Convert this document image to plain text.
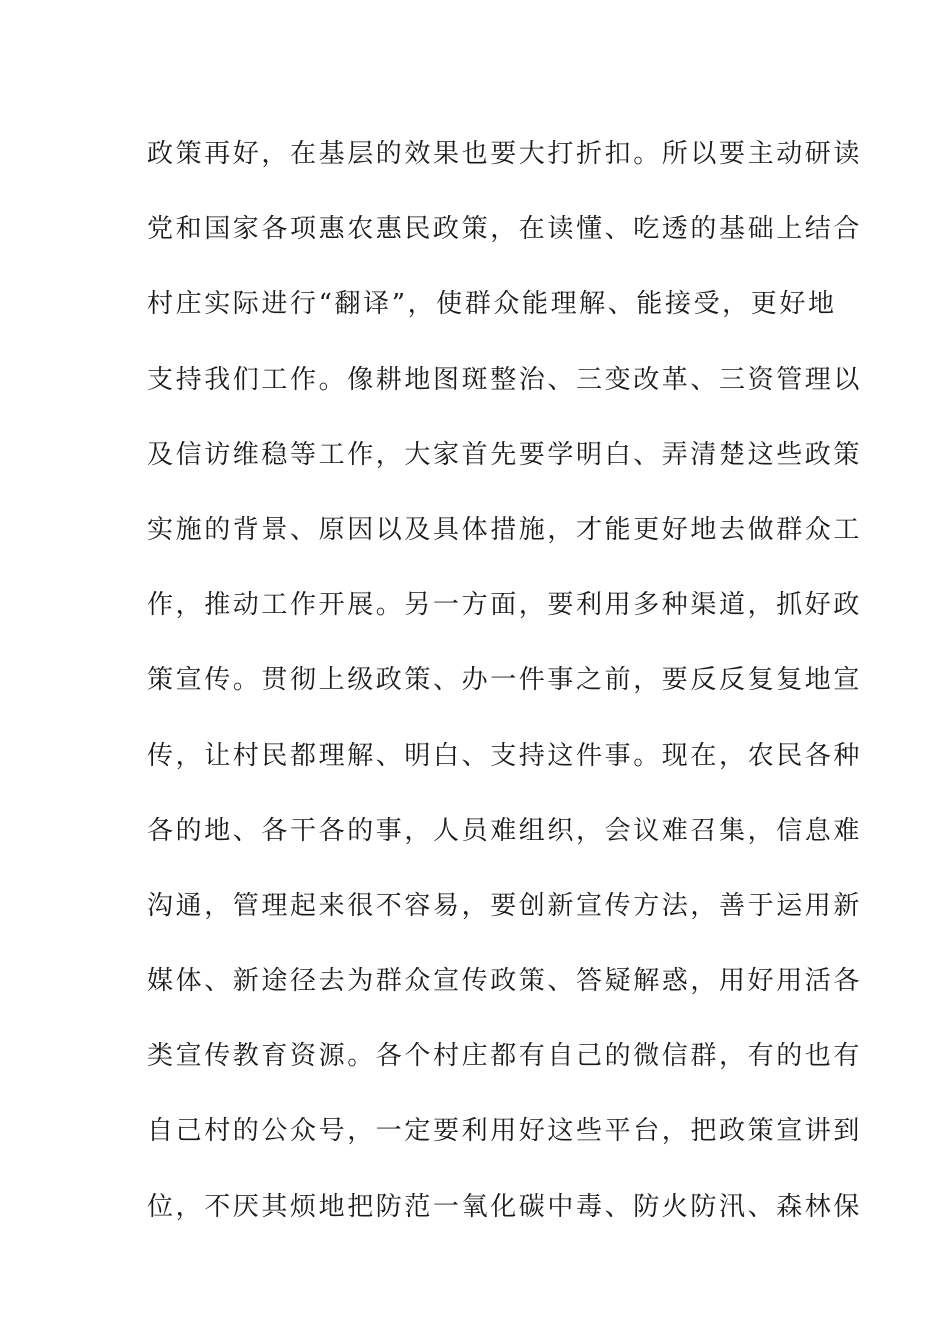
政策再好，在基层的效果也要大打折扣。所以要主动研读
党和国家各项惠农惠民政策，在读懂、吃透的基础上结合
村庄实际进行“翻译”，使群众能理解、能接受，更好地
支持我们工作。像耕地图斑整治、三变改革、三资管理以
及信访维稳等工作，大家首先要学明白、弄清楚这些政策
实施的背景、原因以及具体措施，才能更好地去做群众工
作，推动工作开展。另一方面，要利用多种渠道，抓好政
策宣传。贯彻上级政策、办一件事之前，要反反复复地宣
传，让村民都理解、明白、支持这件事。现在，农民各种
各的地、各干各的事，人员难组织，会议难召集，信息难
沟通，管理起来很不容易，要创新宣传方法，善于运用新
媒体、新途径去为群众宣传政策、答疑解惑，用好用活各
类宣传教育资源。各个村庄都有自己的微信群，有的也有
自己村的公众号，一定要利用好这些平台，把政策宣讲到
位，不厌其烦地把防范一氧化碳中毒、防火防汛、森林保
